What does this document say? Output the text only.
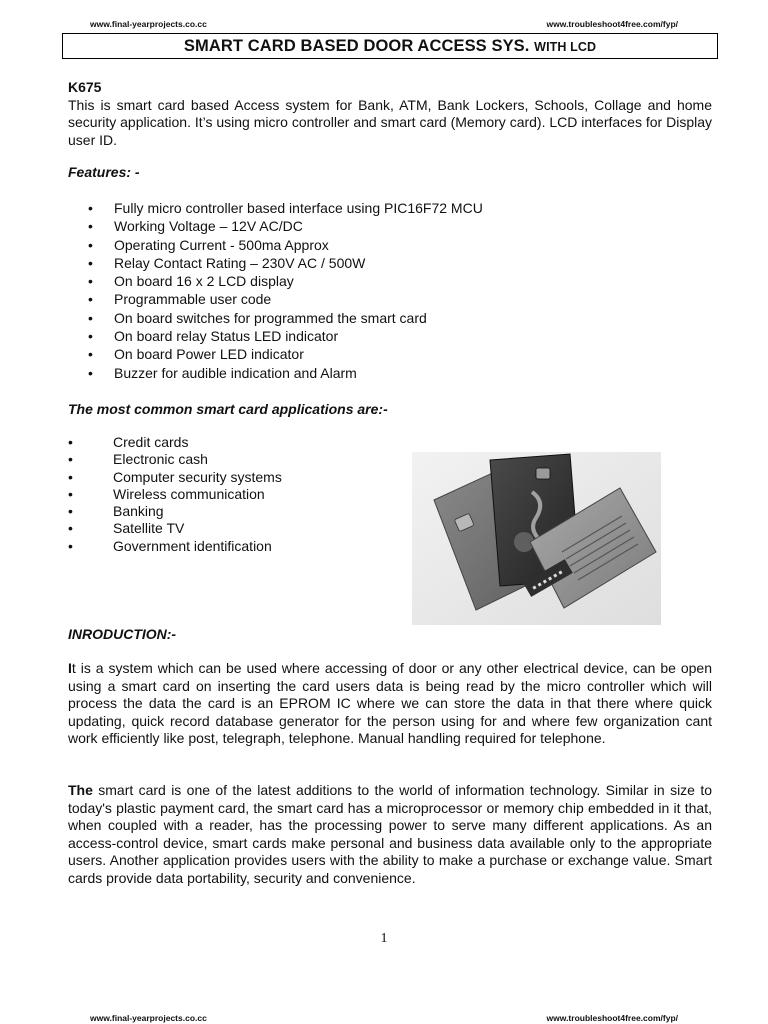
www.final-yearprojects.co.cc	www.troubleshoot4free.com/fyp/
SMART CARD BASED DOOR ACCESS SYS. WITH LCD
K675

This is smart card based Access system for Bank, ATM, Bank Lockers, Schools, Collage and home security application. It’s using micro controller and smart card (Memory card). LCD interfaces for Display user ID.

Features: -
• Fully micro controller based interface using PIC16F72 MCU
• Working Voltage – 12V AC/DC
• Operating Current - 500ma Approx
• Relay Contact Rating – 230V AC / 500W
• On board 16 x 2 LCD display
• Programmable user code
• On board switches for programmed the smart card
• On board relay Status LED indicator
• On board Power LED indicator
• Buzzer for audible indication and Alarm
The most common smart card applications are:-
•	Credit cards
•	Electronic cash
•	Computer security systems
•	Wireless communication
•	Banking
•	Satellite TV
•	Government identification
INRODUCTION:-

It is a system which can be used where accessing of door or any other electrical device, can be open using a smart card on inserting the card users data is being read by the micro controller which will process the data the card is an EPROM IC where we can store the data in that there where quick updating, quick record database generator for the person using for and where few organization cant work efficiently like post, telegraph, telephone. Manual handling required for telephone.

The smart card is one of the latest additions to the world of information technology. Similar in size to today's plastic payment card, the smart card has a microprocessor or memory chip embedded in it that, when coupled with a reader, has the processing power to serve many different applications. As an access-control device, smart cards make personal and business data available only to the appropriate users. Another application provides users with the ability to make a purchase or exchange value. Smart cards provide data portability, security and convenience.

1
www.final-yearprojects.co.cc	www.troubleshoot4free.com/fyp/
